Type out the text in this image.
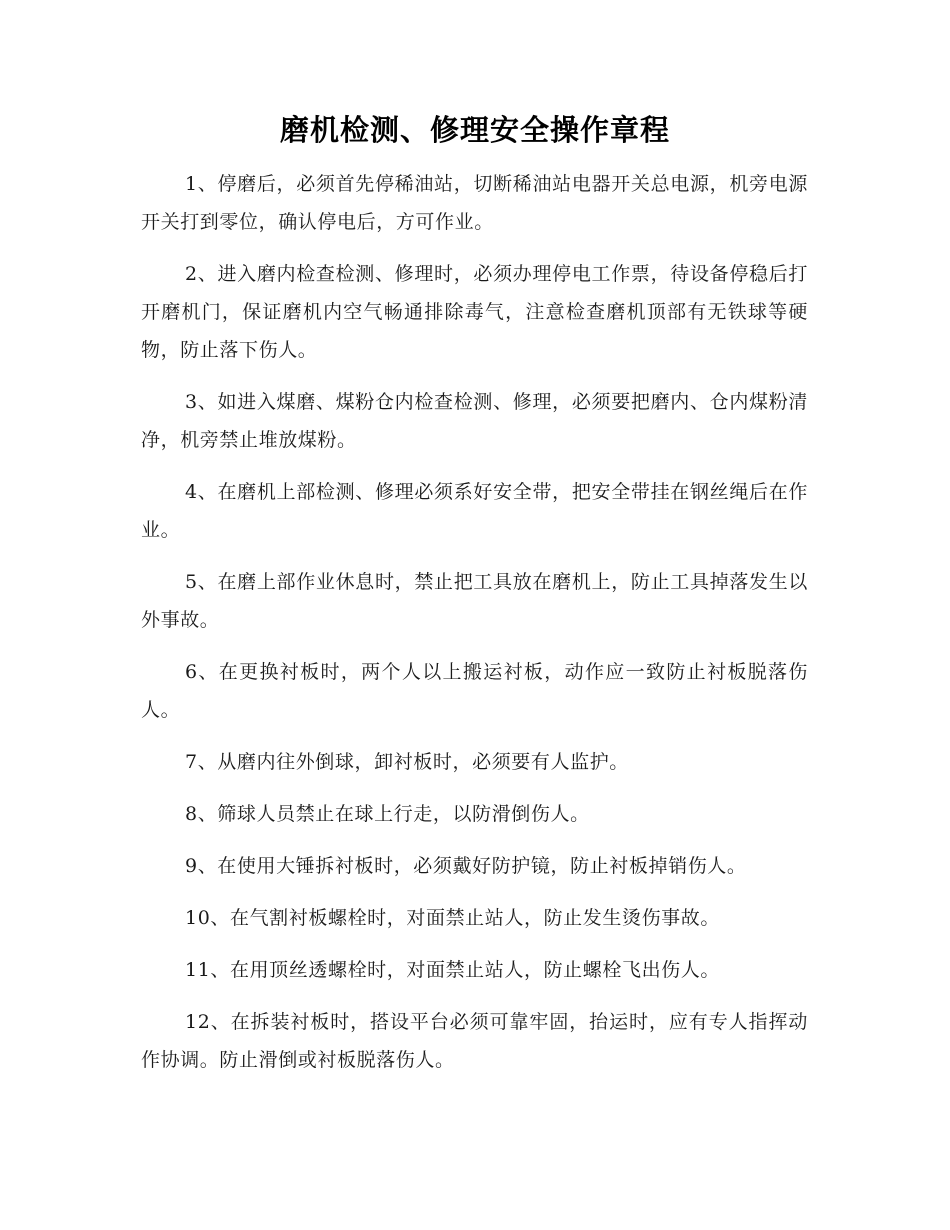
磨机检测、修理安全操作章程

1、停磨后，必须首先停稀油站，切断稀油站电器开关总电源，机旁电源开关打到零位，确认停电后，方可作业。

2、进入磨内检查检测、修理时，必须办理停电工作票，待设备停稳后打开磨机门，保证磨机内空气畅通排除毒气，注意检查磨机顶部有无铁球等硬物，防止落下伤人。

3、如进入煤磨、煤粉仓内检查检测、修理，必须要把磨内、仓内煤粉清净，机旁禁止堆放煤粉。

4、在磨机上部检测、修理必须系好安全带，把安全带挂在钢丝绳后在作业。

5、在磨上部作业休息时，禁止把工具放在磨机上，防止工具掉落发生以外事故。

6、在更换衬板时，两个人以上搬运衬板，动作应一致防止衬板脱落伤人。

7、从磨内往外倒球，卸衬板时，必须要有人监护。

8、筛球人员禁止在球上行走，以防滑倒伤人。

9、在使用大锤拆衬板时，必须戴好防护镜，防止衬板掉销伤人。

10、在气割衬板螺栓时，对面禁止站人，防止发生烫伤事故。

11、在用顶丝透螺栓时，对面禁止站人，防止螺栓飞出伤人。

12、在拆装衬板时，搭设平台必须可靠牢固，抬运时，应有专人指挥动作协调。防止滑倒或衬板脱落伤人。
